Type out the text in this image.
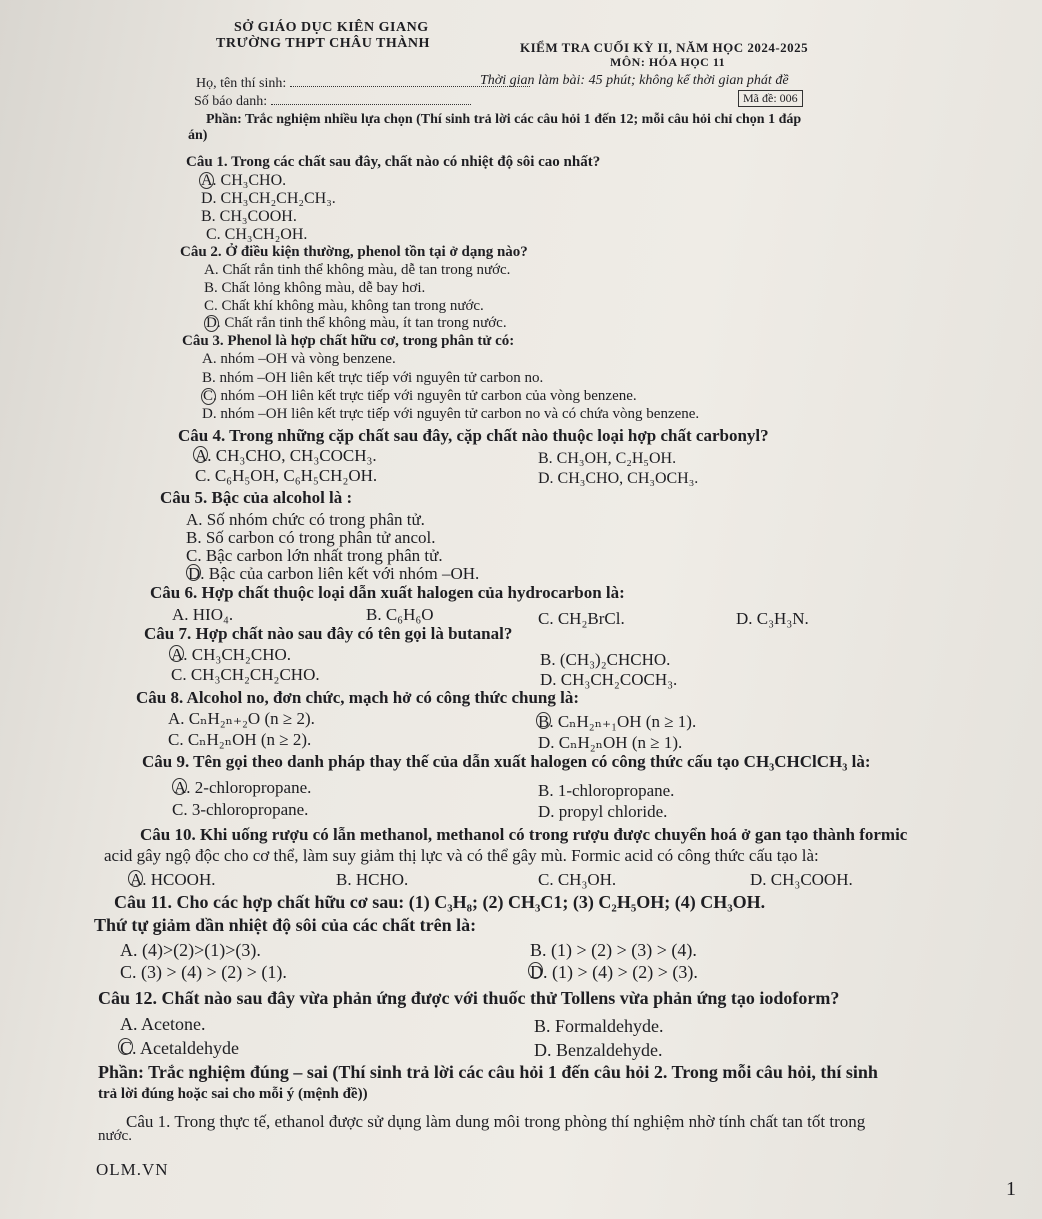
SỞ GIÁO DỤC KIÊN GIANG
TRƯỜNG THPT CHÂU THÀNH	KIỂM TRA CUỐI KỲ II, NĂM HỌC 2024-2025
MÔN: HÓA HỌC 11
Thời gian làm bài: 45 phút; không kể thời gian phát đề
Họ, tên thí sinh:
Số báo danh:	Mã đề: 006
Phần: Trắc nghiệm nhiều lựa chọn (Thí sinh trả lời các câu hỏi 1 đến 12; mỗi câu hỏi chỉ chọn 1 đáp
án)
Câu 1. Trong các chất sau đây, chất nào có nhiệt độ sôi cao nhất?
A. CH₃CHO.
D. CH₃CH₂CH₂CH₃.
B. CH₃COOH.
C. CH₃CH₂OH.
Câu 2. Ở điều kiện thường, phenol tồn tại ở dạng nào?
A. Chất rắn tinh thể không màu, dễ tan trong nước.
B. Chất lỏng không màu, dễ bay hơi.
C. Chất khí không màu, không tan trong nước.
D. Chất rắn tinh thể không màu, ít tan trong nước.
Câu 3. Phenol là hợp chất hữu cơ, trong phân tử có:
A. nhóm –OH và vòng benzene.
B. nhóm –OH liên kết trực tiếp với nguyên tử carbon no.
C. nhóm –OH liên kết trực tiếp với nguyên tử carbon của vòng benzene.
D. nhóm –OH liên kết trực tiếp với nguyên tử carbon no và có chứa vòng benzene.
Câu 4. Trong những cặp chất sau đây, cặp chất nào thuộc loại hợp chất carbonyl?
A. CH₃CHO, CH₃COCH₃.	B. CH₃OH, C₂H₅OH.
C. C₆H₅OH, C₆H₅CH₂OH.	D. CH₃CHO, CH₃OCH₃.
Câu 5. Bậc của alcohol là :
A. Số nhóm chức có trong phân tử.
B. Số carbon có trong phân tử ancol.
C. Bậc carbon lớn nhất trong phân tử.
D. Bậc của carbon liên kết với nhóm –OH.
Câu 6. Hợp chất thuộc loại dẫn xuất halogen của hydrocarbon là:
A. HIO₄.	B. C₆H₆O	C. CH₂BrCl.	D. C₃H₃N.
Câu 7. Hợp chất nào sau đây có tên gọi là butanal?
A. CH₃CH₂CHO.	B. (CH₃)₂CHCHO.
C. CH₃CH₂CH₂CHO.	D. CH₃CH₂COCH₃.
Câu 8. Alcohol no, đơn chức, mạch hở có công thức chung là:
A. CₙH₂ₙ₊₂O (n ≥ 2).	B. CₙH₂ₙ₊₁OH (n ≥ 1).
C. CₙH₂ₙOH (n ≥ 2).	D. CₙH₂ₙOH (n ≥ 1).
Câu 9. Tên gọi theo danh pháp thay thế của dẫn xuất halogen có công thức cấu tạo CH₃CHClCH₃ là:
A. 2-chloropropane.	B. 1-chloropropane.
C. 3-chloropropane.	D. propyl chloride.
Câu 10. Khi uống rượu có lẫn methanol, methanol có trong rượu được chuyển hoá ở gan tạo thành formic
acid gây ngộ độc cho cơ thể, làm suy giảm thị lực và có thể gây mù. Formic acid có công thức cấu tạo là:
A. HCOOH.	B. HCHO.	C. CH₃OH.	D. CH₃COOH.
Câu 11. Cho các hợp chất hữu cơ sau: (1) C₃H₈; (2) CH₃C1; (3) C₂H₅OH; (4) CH₃OH.
Thứ tự giảm dần nhiệt độ sôi của các chất trên là:
A. (4)>(2)>(1)>(3).	B. (1) > (2) > (3) > (4).
C. (3) > (4) > (2) > (1).	D. (1) > (4) > (2) > (3).
Câu 12. Chất nào sau đây vừa phản ứng được với thuốc thử Tollens vừa phản ứng tạo iodoform?
A. Acetone.	B. Formaldehyde.
C. Acetaldehyde	D. Benzaldehyde.
Phần: Trắc nghiệm đúng – sai (Thí sinh trả lời các câu hỏi 1 đến câu hỏi 2. Trong mỗi câu hỏi, thí sinh
trả lời đúng hoặc sai cho mỗi ý (mệnh đề))
Câu 1. Trong thực tế, ethanol được sử dụng làm dung môi trong phòng thí nghiệm nhờ tính chất tan tốt trong
nước.
OLM.VN
1
